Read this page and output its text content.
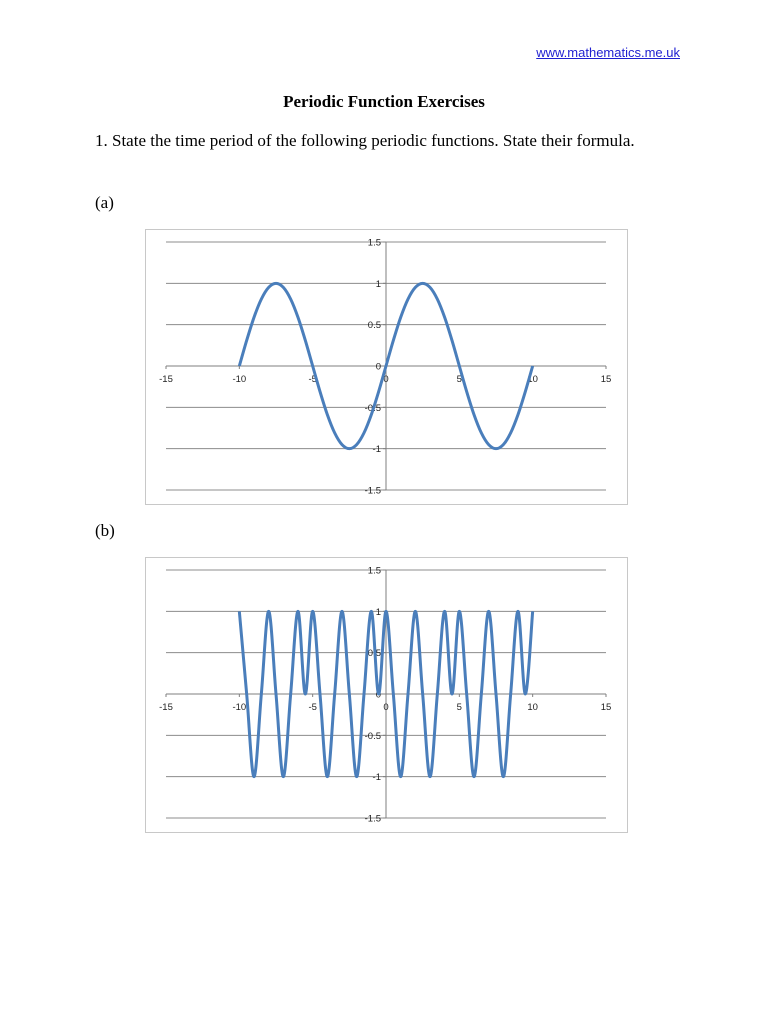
www.mathematics.me.uk
Periodic Function Exercises
1. State the time period of the following periodic functions. State their formula.
(a)
-15	-10	-5	0	5	10	15
1.5
1
0.5
0
-0.5
-1
-1.5
(b)
-15	-10	-5	0	5	10	15
1.5
1
0.5
0
-0.5
-1
-1.5
